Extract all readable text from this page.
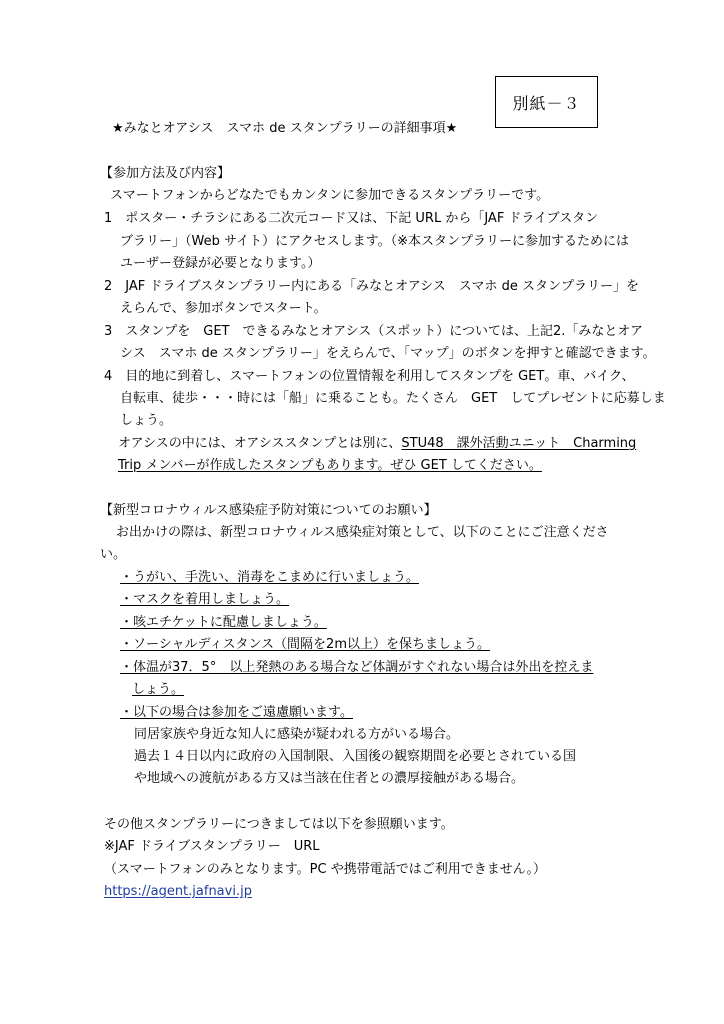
別紙－３
★みなとオアシス　スマホ de スタンプラリーの詳細事項★
【参加方法及び内容】
スマートフォンからどなたでもカンタンに参加できるスタンプラリーです。
1　ポスター・チラシにある二次元コード又は、下記 URL から「JAF ドライブスタン
ブラリー」（Web サイト）にアクセスします。（※本スタンプラリーに参加するためには
ユーザー登録が必要となります。）
2　JAF ドライブスタンプラリー内にある「みなとオアシス　スマホ de スタンプラリー」を
えらんで、参加ボタンでスタート。
3　スタンプを　GET　できるみなとオアシス（スポット）については、上記2.「みなとオア
シス　スマホ de スタンプラリー」をえらんで、「マップ」のボタンを押すと確認できます。
4　目的地に到着し、スマートフォンの位置情報を利用してスタンプを GET。車、バイク、
自転車、徒歩・・・時には「船」に乗ることも。たくさん　GET　してプレゼントに応募しま
しょう。
オアシスの中には、オアシススタンプとは別に、STU48　課外活動ユニット　Charming
Trip メンバーが作成したスタンプもあります。ぜひ GET してください。
【新型コロナウィルス感染症予防対策についてのお願い】
お出かけの際は、新型コロナウィルス感染症対策として、以下のことにご注意くださ
い。
・うがい、手洗い、消毒をこまめに行いましょう。
・マスクを着用しましょう。
・咳エチケットに配慮しましょう。
・ソーシャルディスタンス（間隔を2m以上）を保ちましょう。
・体温が37．5°　以上発熱のある場合など体調がすぐれない場合は外出を控えま
しょう。
・以下の場合は参加をご遠慮願います。
同居家族や身近な知人に感染が疑われる方がいる場合。
過去１４日以内に政府の入国制限、入国後の観察期間を必要とされている国
や地域への渡航がある方又は当該在住者との濃厚接触がある場合。
その他スタンプラリーにつきましては以下を参照願います。
※JAF ドライブスタンプラリー　URL
（スマートフォンのみとなります。PC や携帯電話ではご利用できません。）
https://agent.jafnavi.jp
